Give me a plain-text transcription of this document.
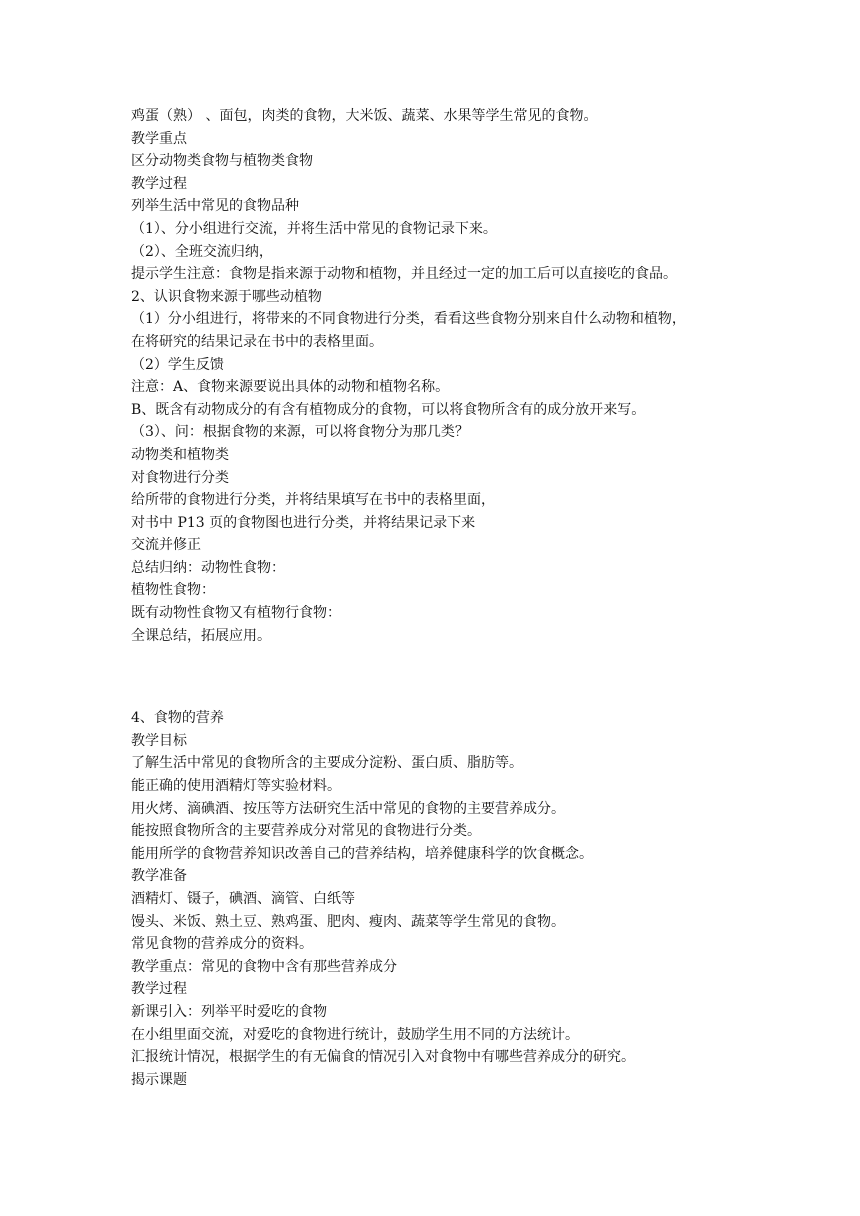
鸡蛋（熟） 、面包，肉类的食物，大米饭、蔬菜、水果等学生常见的食物。
教学重点
区分动物类食物与植物类食物
教学过程
列举生活中常见的食物品种
（1）、分小组进行交流，并将生活中常见的食物记录下来。
（2）、全班交流归纳，
提示学生注意：食物是指来源于动物和植物，并且经过一定的加工后可以直接吃的食品。
2、认识食物来源于哪些动植物
（1）分小组进行，将带来的不同食物进行分类，看看这些食物分别来自什么动物和植物，
在将研究的结果记录在书中的表格里面。
（2）学生反馈
注意：A、食物来源要说出具体的动物和植物名称。
B、既含有动物成分的有含有植物成分的食物，可以将食物所含有的成分放开来写。
（3）、问：根据食物的来源，可以将食物分为那几类？
动物类和植物类
对食物进行分类
给所带的食物进行分类，并将结果填写在书中的表格里面，
对书中 P13 页的食物图也进行分类，并将结果记录下来
交流并修正
总结归纳：动物性食物：
植物性食物：
既有动物性食物又有植物行食物：
全课总结，拓展应用。
4、食物的营养
教学目标
了解生活中常见的食物所含的主要成分淀粉、蛋白质、脂肪等。
能正确的使用酒精灯等实验材料。
用火烤、滴碘酒、按压等方法研究生活中常见的食物的主要营养成分。
能按照食物所含的主要营养成分对常见的食物进行分类。
能用所学的食物营养知识改善自己的营养结构，培养健康科学的饮食概念。
教学准备
酒精灯、镊子，碘酒、滴管、白纸等
馒头、米饭、熟土豆、熟鸡蛋、肥肉、瘦肉、蔬菜等学生常见的食物。
常见食物的营养成分的资料。
教学重点：常见的食物中含有那些营养成分
教学过程
新课引入：列举平时爱吃的食物
在小组里面交流，对爱吃的食物进行统计，鼓励学生用不同的方法统计。
汇报统计情况，根据学生的有无偏食的情况引入对食物中有哪些营养成分的研究。
揭示课题
